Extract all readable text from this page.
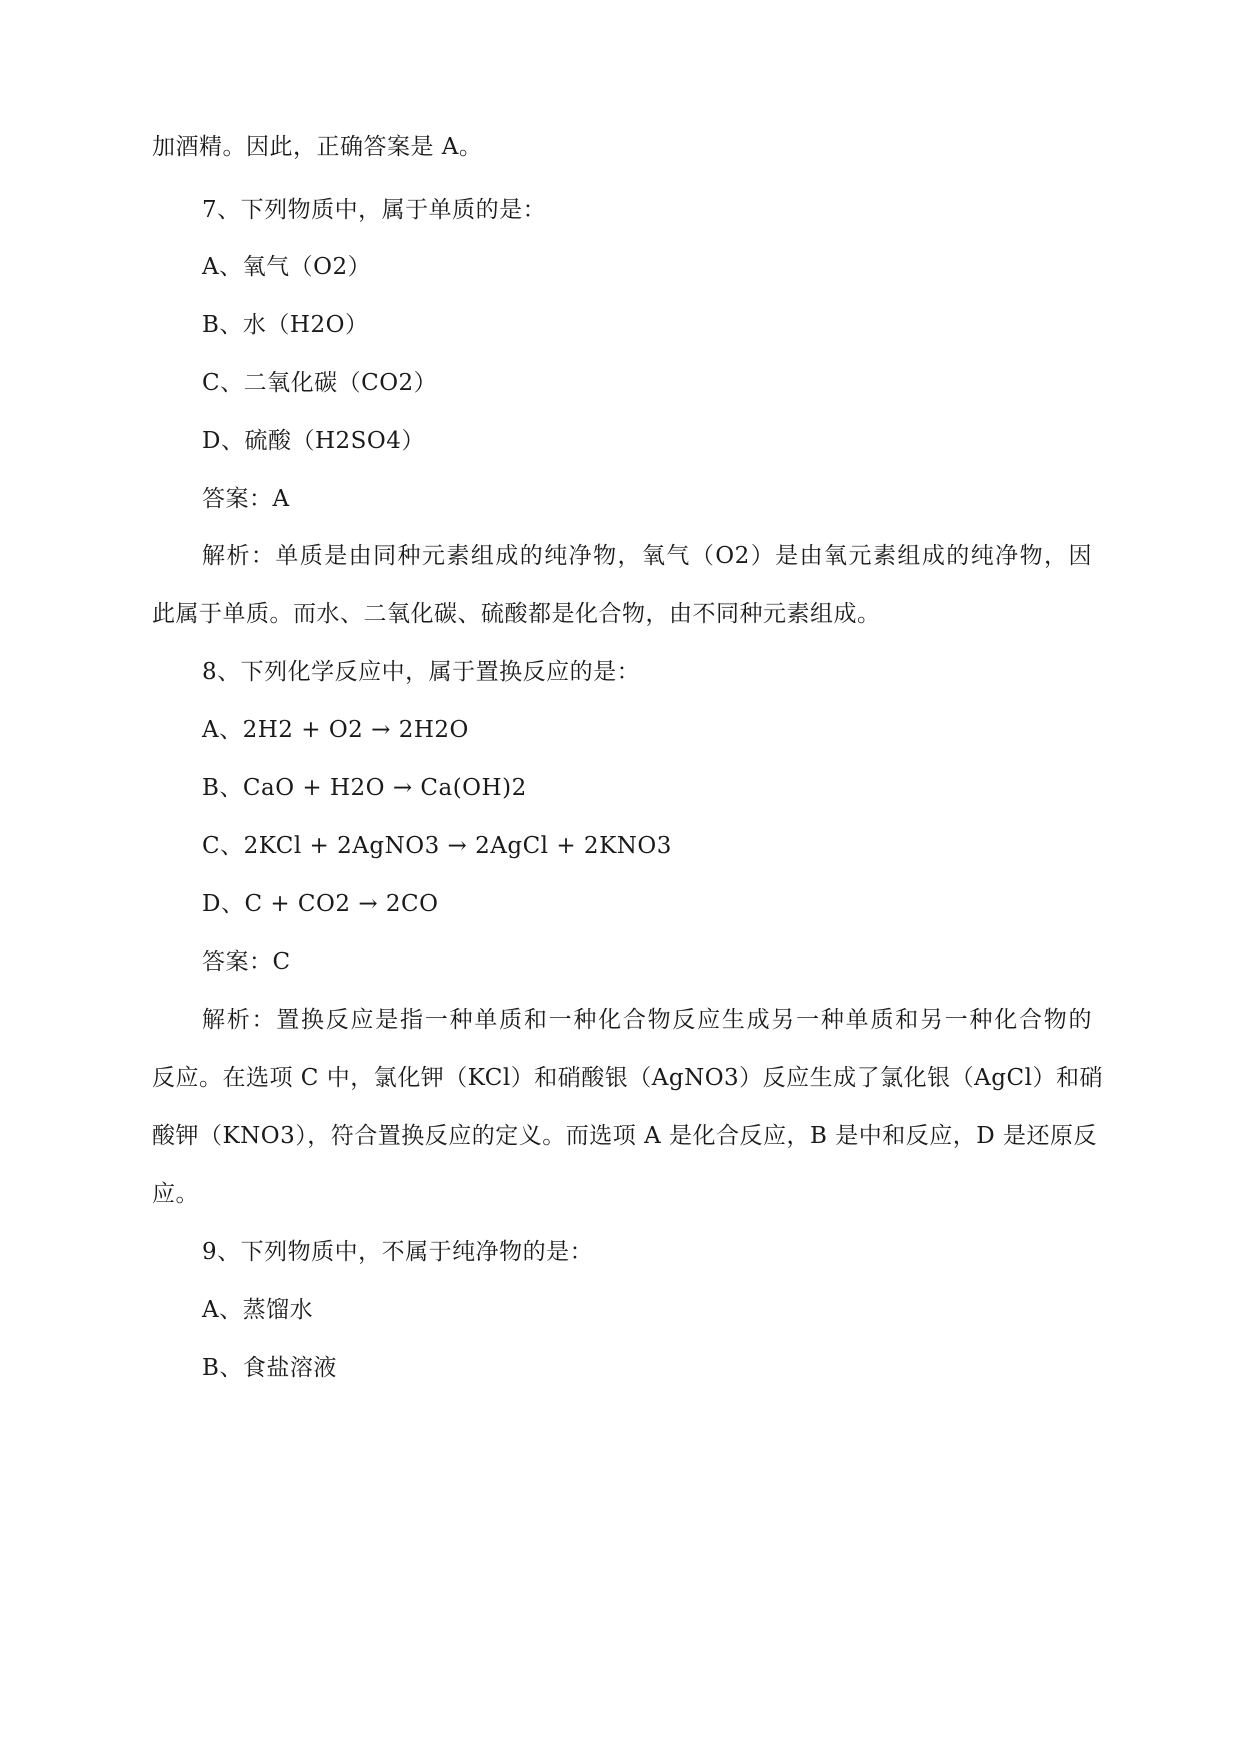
加酒精。因此，正确答案是 A。
7、下列物质中，属于单质的是：
A、氧气（O2）
B、水（H2O）
C、二氧化碳（CO2）
D、硫酸（H2SO4）
答案：A
解析：单质是由同种元素组成的纯净物，氧气（O2）是由氧元素组成的纯净物，因
此属于单质。而水、二氧化碳、硫酸都是化合物，由不同种元素组成。
8、下列化学反应中，属于置换反应的是：
A、2H2 + O2 → 2H2O
B、CaO + H2O → Ca(OH)2
C、2KCl + 2AgNO3 → 2AgCl + 2KNO3
D、C + CO2 → 2CO
答案：C
解析：置换反应是指一种单质和一种化合物反应生成另一种单质和另一种化合物的
反应。在选项 C 中，氯化钾（KCl）和硝酸银（AgNO3）反应生成了氯化银（AgCl）和硝
酸钾（KNO3），符合置换反应的定义。而选项 A 是化合反应，B 是中和反应，D 是还原反
应。
9、下列物质中，不属于纯净物的是：
A、蒸馏水
B、食盐溶液
